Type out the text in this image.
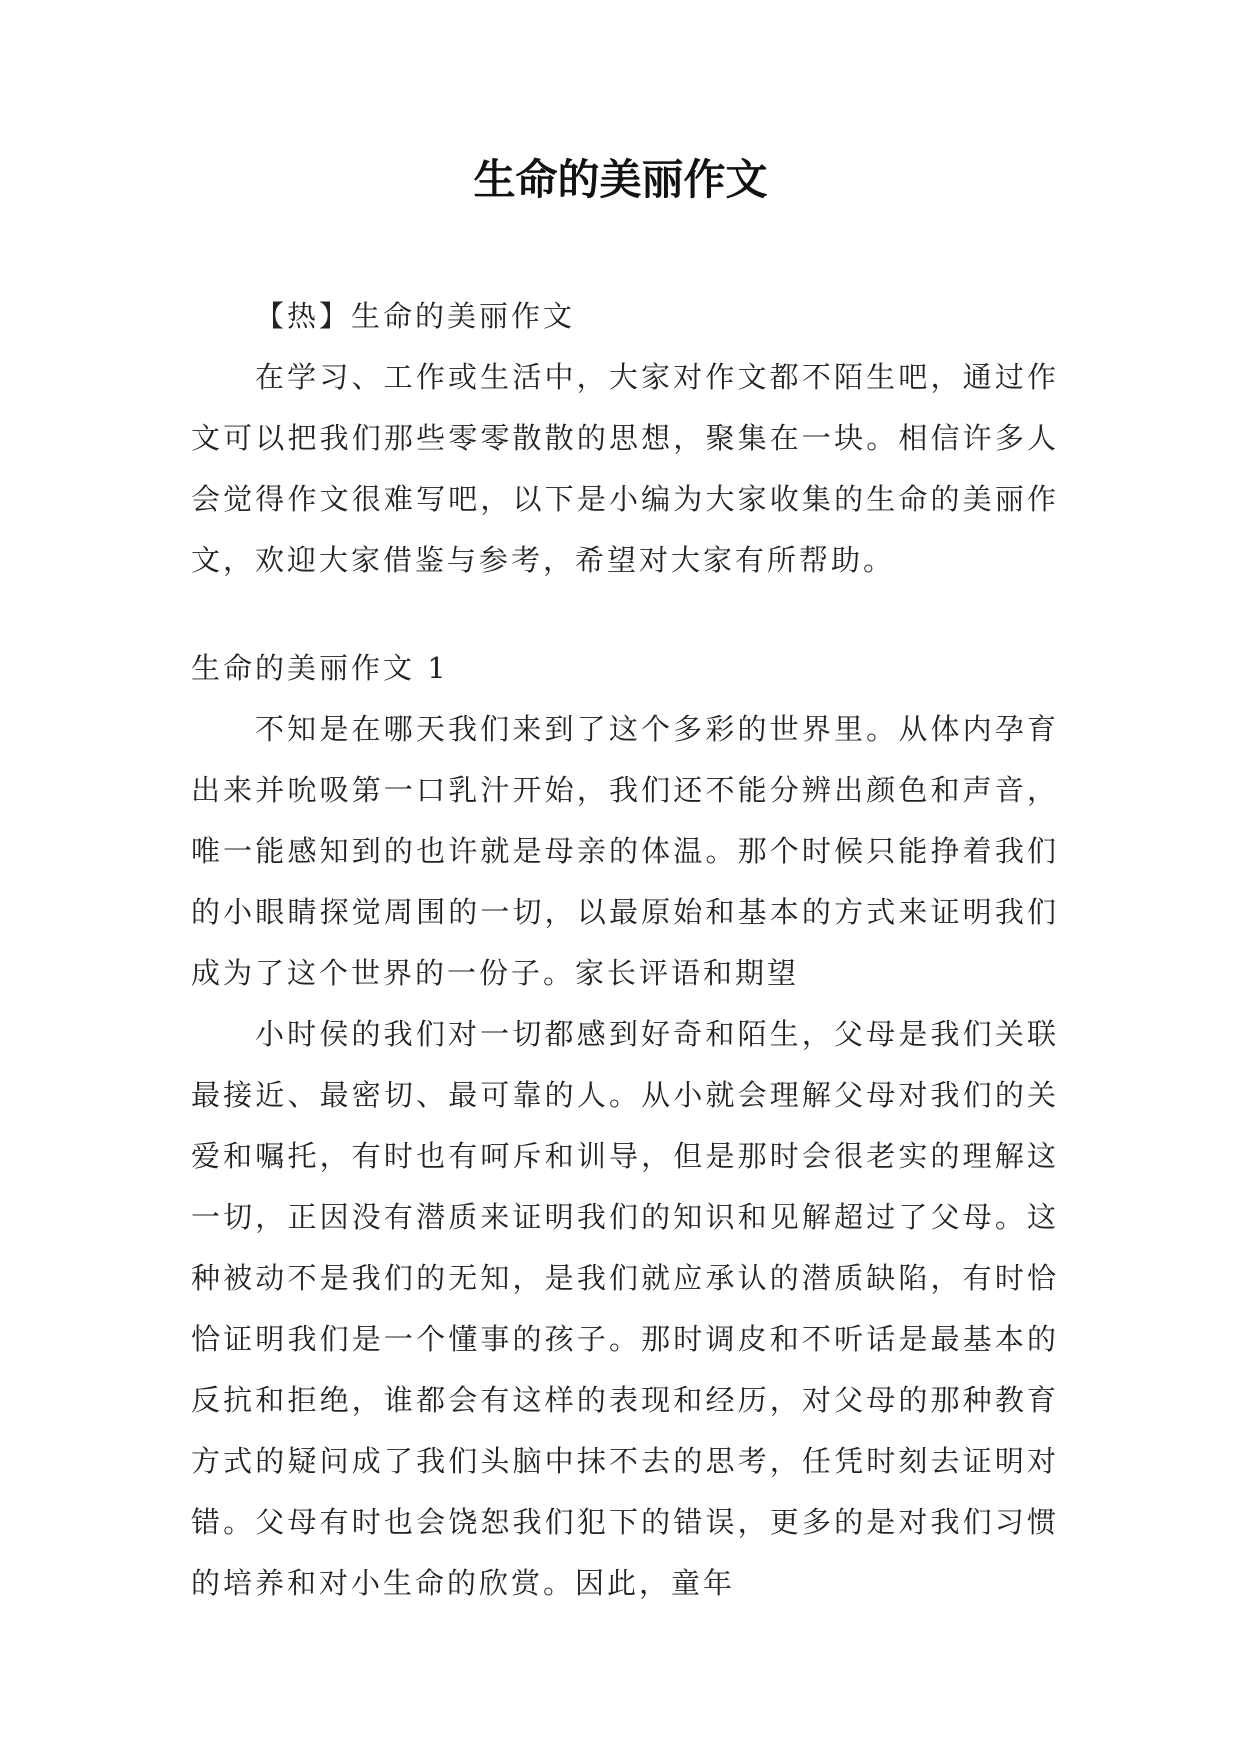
生命的美丽作文

【热】生命的美丽作文

在学习、工作或生活中，大家对作文都不陌生吧，通过作文可以把我们那些零零散散的思想，聚集在一块。相信许多人会觉得作文很难写吧，以下是小编为大家收集的生命的美丽作文，欢迎大家借鉴与参考，希望对大家有所帮助。

生命的美丽作文 1

不知是在哪天我们来到了这个多彩的世界里。从体内孕育出来并吮吸第一口乳汁开始，我们还不能分辨出颜色和声音，唯一能感知到的也许就是母亲的体温。那个时候只能挣着我们的小眼睛探觉周围的一切，以最原始和基本的方式来证明我们成为了这个世界的一份子。家长评语和期望

小时侯的我们对一切都感到好奇和陌生，父母是我们关联最接近、最密切、最可靠的人。从小就会理解父母对我们的关爱和嘱托，有时也有呵斥和训导，但是那时会很老实的理解这一切，正因没有潜质来证明我们的知识和见解超过了父母。这种被动不是我们的无知，是我们就应承认的潜质缺陷，有时恰恰证明我们是一个懂事的孩子。那时调皮和不听话是最基本的反抗和拒绝，谁都会有这样的表现和经历，对父母的那种教育方式的疑问成了我们头脑中抹不去的思考，任凭时刻去证明对错。父母有时也会饶恕我们犯下的错误，更多的是对我们习惯的培养和对小生命的欣赏。因此，童年
